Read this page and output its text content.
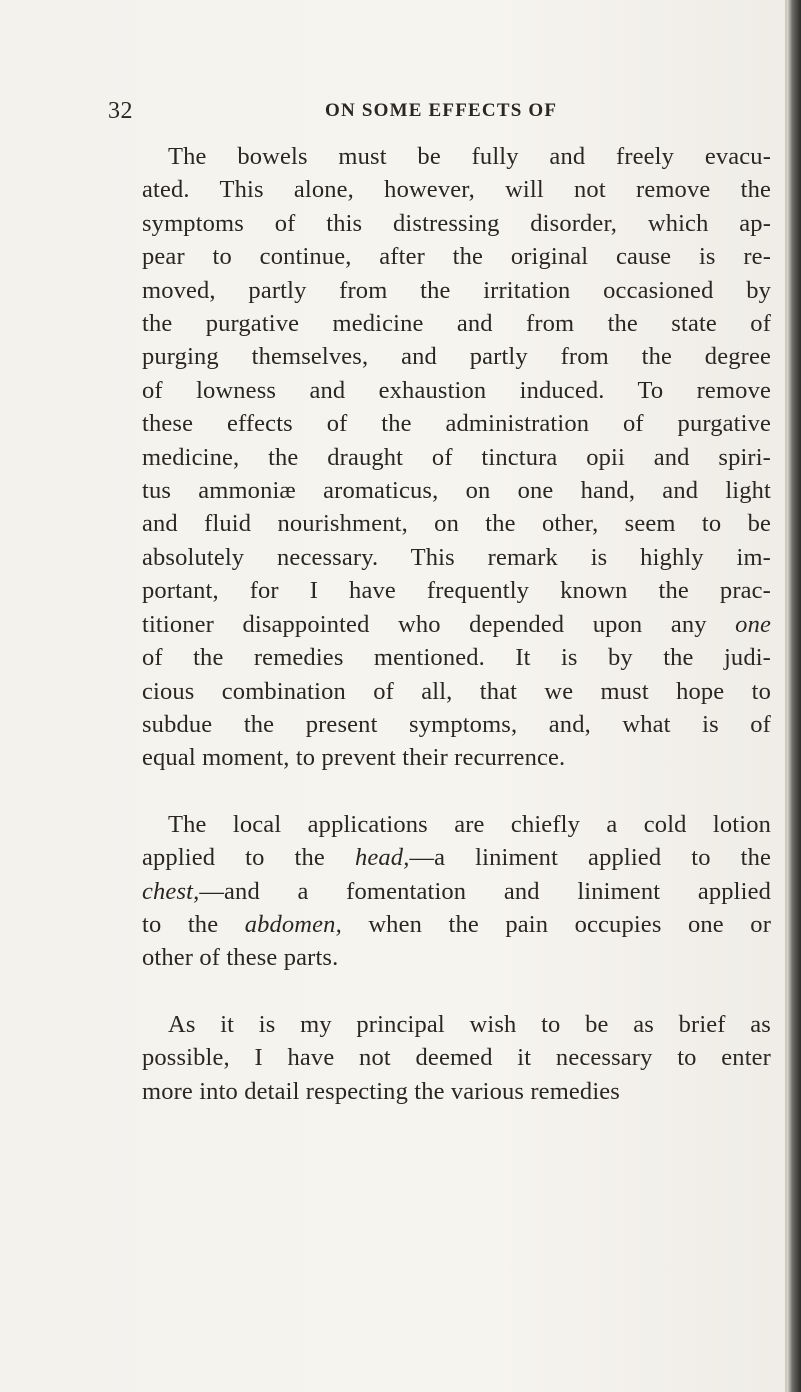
32	ON SOME EFFECTS OF
The bowels must be fully and freely evacu-
ated. This alone, however, will not remove the
symptoms of this distressing disorder, which ap-
pear to continue, after the original cause is re-
moved, partly from the irritation occasioned by
the purgative medicine and from the state of
purging themselves, and partly from the degree
of lowness and exhaustion induced. To remove
these effects of the administration of purgative
medicine, the draught of tinctura opii and spiri-
tus ammoniæ aromaticus, on one hand, and light
and fluid nourishment, on the other, seem to be
absolutely necessary. This remark is highly im-
portant, for I have frequently known the prac-
titioner disappointed who depended upon any one
of the remedies mentioned. It is by the judi-
cious combination of all, that we must hope to
subdue the present symptoms, and, what is of
equal moment, to prevent their recurrence.
The local applications are chiefly a cold lotion
applied to the head,—a liniment applied to the
chest,—and a fomentation and liniment applied
to the abdomen, when the pain occupies one or
other of these parts.
As it is my principal wish to be as brief as
possible, I have not deemed it necessary to enter
more into detail respecting the various remedies
